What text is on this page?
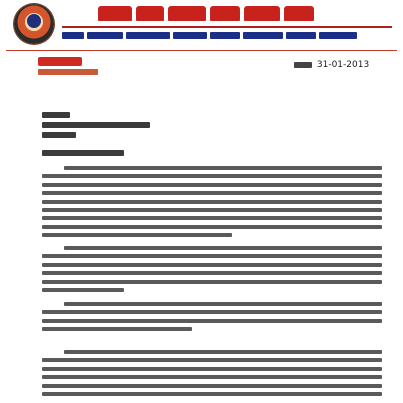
31-01-2013
